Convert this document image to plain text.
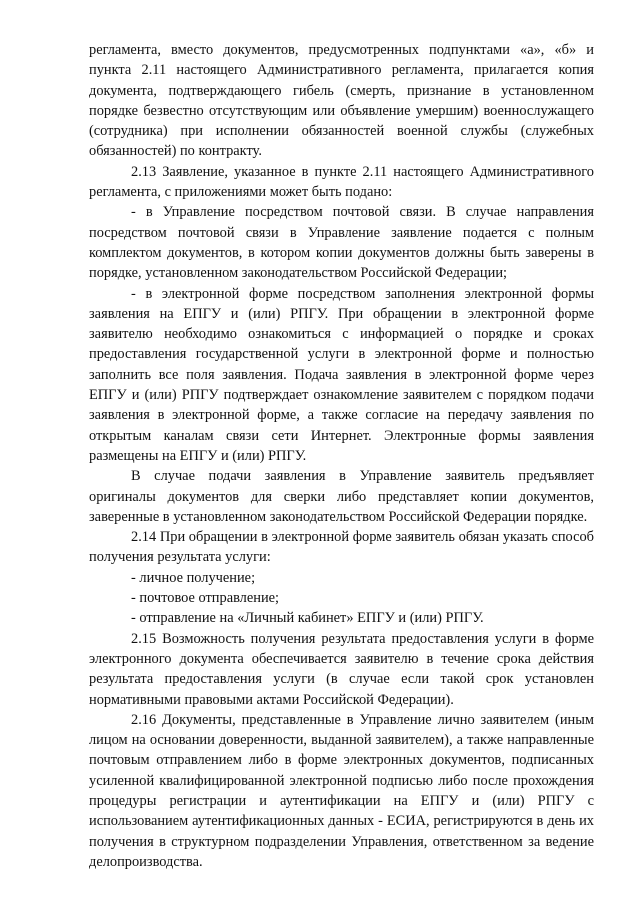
регламента, вместо документов, предусмотренных подпунктами «а», «б» и пункта 2.11 настоящего Административного регламента, прилагается копия документа, подтверждающего гибель (смерть, признание в установленном порядке безвестно отсутствующим или объявление умершим) военнослужащего (сотрудника) при исполнении обязанностей военной службы (служебных обязанностей) по контракту.

2.13 Заявление, указанное в пункте 2.11 настоящего Административного регламента, с приложениями может быть подано:

- в Управление посредством почтовой связи. В случае направления посредством почтовой связи в Управление заявление подается с полным комплектом документов, в котором копии документов должны быть заверены в порядке, установленном законодательством Российской Федерации;

- в электронной форме посредством заполнения электронной формы заявления на ЕПГУ и (или) РПГУ. При обращении в электронной форме заявителю необходимо ознакомиться с информацией о порядке и сроках предоставления государственной услуги в электронной форме и полностью заполнить все поля заявления. Подача заявления в электронной форме через ЕПГУ и (или) РПГУ подтверждает ознакомление заявителем с порядком подачи заявления в электронной форме, а также согласие на передачу заявления по открытым каналам связи сети Интернет. Электронные формы заявления размещены на ЕПГУ и (или) РПГУ.

В случае подачи заявления в Управление заявитель предъявляет оригиналы документов для сверки либо представляет копии документов, заверенные в установленном законодательством Российской Федерации порядке.

2.14 При обращении в электронной форме заявитель обязан указать способ получения результата услуги:

- личное получение;

- почтовое отправление;

- отправление на «Личный кабинет» ЕПГУ и (или) РПГУ.

2.15 Возможность получения результата предоставления услуги в форме электронного документа обеспечивается заявителю в течение срока действия результата предоставления услуги (в случае если такой срок установлен нормативными правовыми актами Российской Федерации).

2.16 Документы, представленные в Управление лично заявителем (иным лицом на основании доверенности, выданной заявителем), а также направленные почтовым отправлением либо в форме электронных документов, подписанных усиленной квалифицированной электронной подписью либо после прохождения процедуры регистрации и аутентификации на ЕПГУ и (или) РПГУ с использованием аутентификационных данных - ЕСИА, регистрируются в день их получения в структурном подразделении Управления, ответственном за ведение делопроизводства.
